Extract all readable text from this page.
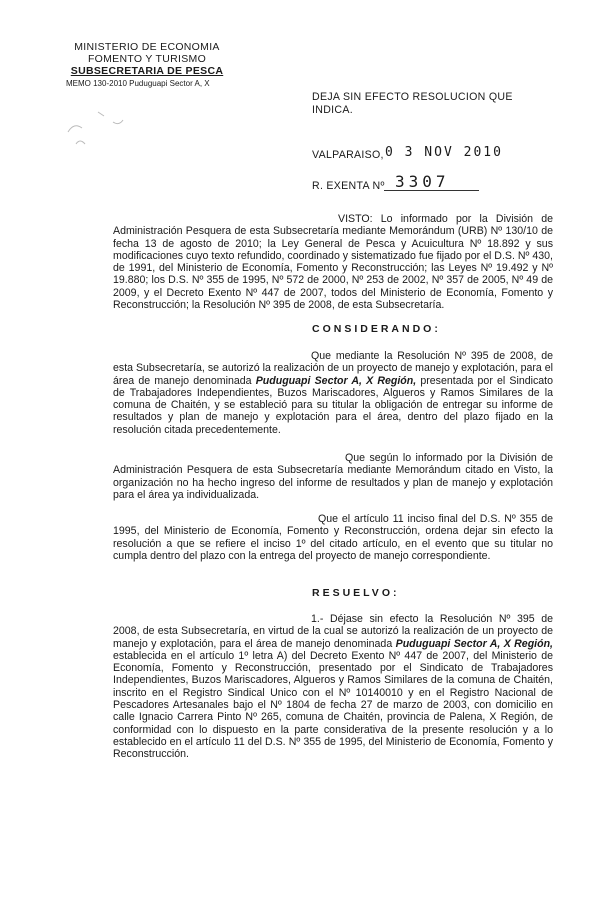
MINISTERIO DE ECONOMIA
FOMENTO Y TURISMO
SUBSECRETARIA DE PESCA
MEMO 130-2010 Puduguapi Sector A, X
DEJA SIN EFECTO RESOLUCION QUE
INDICA.
VALPARAISO, 0 3 NOV 2010
R. EXENTA Nº 3307
VISTO: Lo informado por la División de Administración Pesquera de esta Subsecretaría mediante Memorándum (URB) Nº 130/10 de fecha 13 de agosto de 2010; la Ley General de Pesca y Acuicultura Nº 18.892 y sus modificaciones cuyo texto refundido, coordinado y sistematizado fue fijado por el D.S. Nº 430, de 1991, del Ministerio de Economía, Fomento y Reconstrucción; las Leyes Nº 19.492 y Nº 19.880; los D.S. Nº 355 de 1995, Nº 572 de 2000, Nº 253 de 2002, Nº 357 de 2005, Nº 49 de 2009, y el Decreto Exento Nº 447 de 2007, todos del Ministerio de Economía, Fomento y Reconstrucción; la Resolución Nº 395 de 2008, de esta Subsecretaría.
CONSIDERANDO:
Que mediante la Resolución Nº 395 de 2008, de esta Subsecretaría, se autorizó la realización de un proyecto de manejo y explotación, para el área de manejo denominada Puduguapi Sector A, X Región, presentada por el Sindicato de Trabajadores Independientes, Buzos Mariscadores, Algueros y Ramos Similares de la comuna de Chaitén, y se estableció para su titular la obligación de entregar su informe de resultados y plan de manejo y explotación para el área, dentro del plazo fijado en la resolución citada precedentemente.
Que según lo informado por la División de Administración Pesquera de esta Subsecretaría mediante Memorándum citado en Visto, la organización no ha hecho ingreso del informe de resultados y plan de manejo y explotación para el área ya individualizada.
Que el artículo 11 inciso final del D.S. Nº 355 de 1995, del Ministerio de Economía, Fomento y Reconstrucción, ordena dejar sin efecto la resolución a que se refiere el inciso 1º del citado artículo, en el evento que su titular no cumpla dentro del plazo con la entrega del proyecto de manejo correspondiente.
RESUELVO:
1.- Déjase sin efecto la Resolución Nº 395 de 2008, de esta Subsecretaría, en virtud de la cual se autorizó la realización de un proyecto de manejo y explotación, para el área de manejo denominada Puduguapi Sector A, X Región, establecida en el artículo 1º letra A) del Decreto Exento Nº 447 de 2007, del Ministerio de Economía, Fomento y Reconstrucción, presentado por el Sindicato de Trabajadores Independientes, Buzos Mariscadores, Algueros y Ramos Similares de la comuna de Chaitén, inscrito en el Registro Sindical Unico con el Nº 10140010 y en el Registro Nacional de Pescadores Artesanales bajo el Nº 1804 de fecha 27 de marzo de 2003, con domicilio en calle Ignacio Carrera Pinto Nº 265, comuna de Chaitén, provincia de Palena, X Región, de conformidad con lo dispuesto en la parte considerativa de la presente resolución y a lo establecido en el artículo 11 del D.S. Nº 355 de 1995, del Ministerio de Economía, Fomento y Reconstrucción.
